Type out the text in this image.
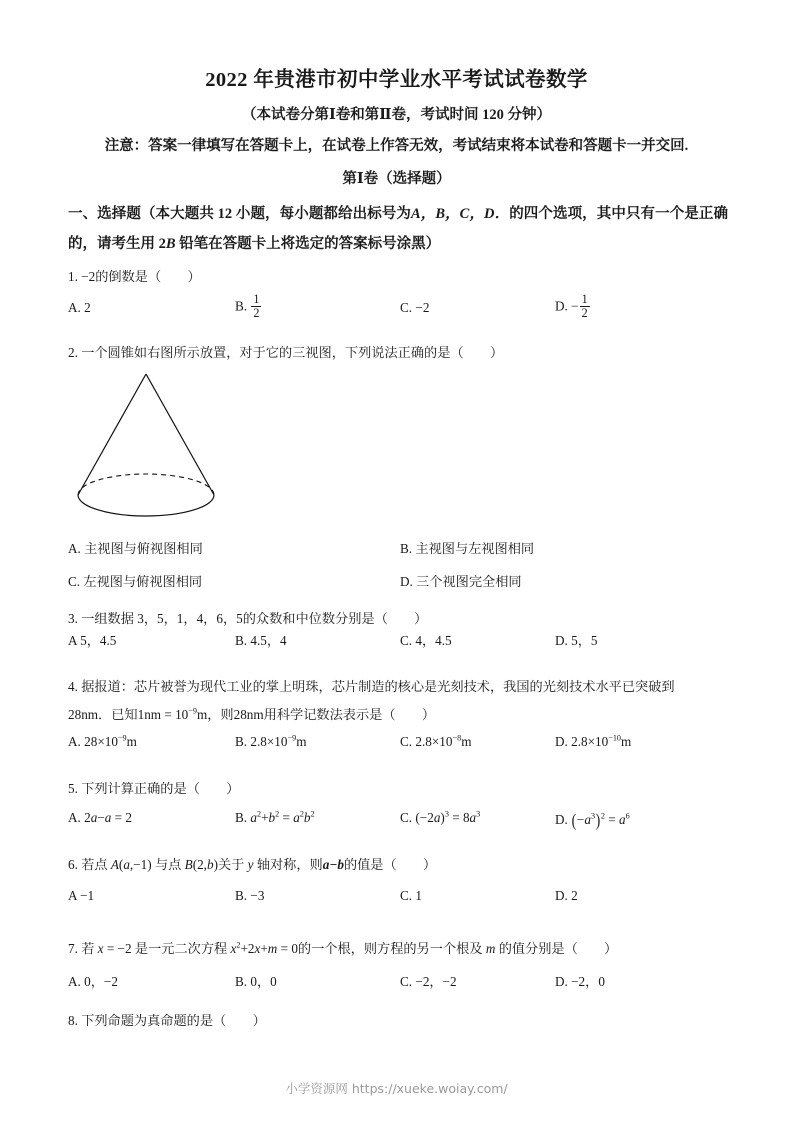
2022 年贵港市初中学业水平考试试卷数学
（本试卷分第Ⅰ卷和第Ⅱ卷，考试时间 120 分钟）
注意：答案一律填写在答题卡上，在试卷上作答无效，考试结束将本试卷和答题卡一并交回.
第Ⅰ卷（选择题）
一、选择题（本大题共 12 小题，每小题都给出标号为A，B，C，D．的四个选项，其中只有一个是正确的，请考生用 2B 铅笔在答题卡上将选定的答案标号涂黑）
1. −2的倒数是（　　）
A. 2	B. $\frac{1}{2}$	C. −2	D. − $\frac{1}{2}$
2. 一个圆锥如右图所示放置，对于它的三视图，下列说法正确的是（　　）
A. 主视图与俯视图相同	B. 主视图与左视图相同
C. 左视图与俯视图相同	D. 三个视图完全相同
3. 一组数据 3，5，1，4，6，5的众数和中位数分别是（　　）
A 5，4.5	B. 4.5，4	C. 4，4.5	D. 5，5
4. 据报道：芯片被誉为现代工业的掌上明珠，芯片制造的核心是光刻技术，我国的光刻技术水平已突破到
28nm．已知$1nm = 10^{-9}m$，则28nm用科学记数法表示是（　　）
A. $28\times 10^{-9}m$	B. $2.8\times 10^{-9}m$	C. $2.8\times 10^{-8}m$	D. $2.8\times 10^{-10}m$
5. 下列计算正确的是（　　）
A. 2a−a = 2	B. $a^2+b^2 = a^2b^2$	C. $(-2a)^3 = 8a^3$	D. $(-a^3)^2 = a^6$
6. 若点 A(a,−1) 与点 B(2,b)关于 y 轴对称，则a−b的值是（　　）
A −1	B. −3	C. 1	D. 2
7. 若 x = −2 是一元二次方程 $x^2+2x+m = 0$的一个根，则方程的另一个根及 m 的值分别是（　　）
A. 0，−2	B. 0，0	C. −2，−2	D. −2，0
8. 下列命题为真命题的是（　　）
小学资源网 https://xueke.woiay.com/
